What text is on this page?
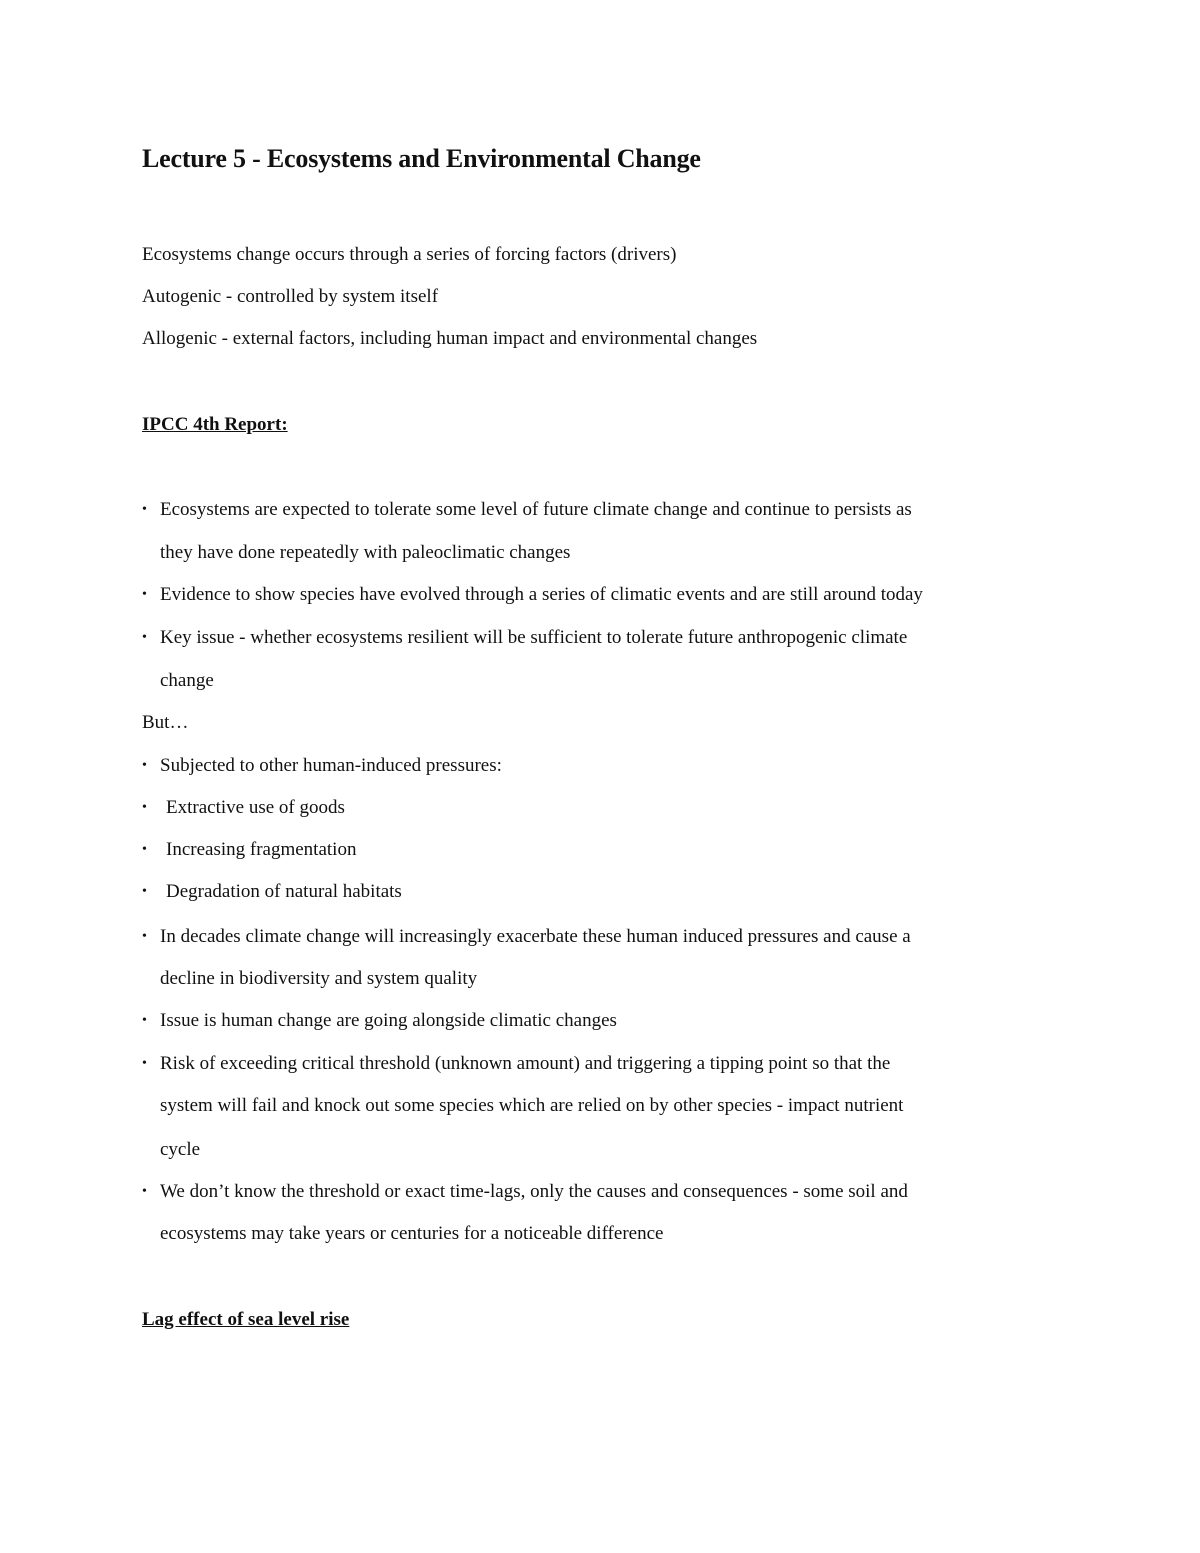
Lecture 5 - Ecosystems and Environmental Change
Ecosystems change occurs through a series of forcing factors (drivers)
Autogenic - controlled by system itself
Allogenic - external factors, including human impact and environmental changes
IPCC 4th Report:
• Ecosystems are expected to tolerate some level of future climate change and continue to persists as
they have done repeatedly with paleoclimatic changes
• Evidence to show species have evolved through a series of climatic events and are still around today
• Key issue - whether ecosystems resilient will be sufficient to tolerate future anthropogenic climate
change
But…
• Subjected to other human-induced pressures:
• Extractive use of goods
• Increasing fragmentation
• Degradation of natural habitats
• In decades climate change will increasingly exacerbate these human induced pressures and cause a
decline in biodiversity and system quality
• Issue is human change are going alongside climatic changes
• Risk of exceeding critical threshold (unknown amount) and triggering a tipping point so that the
system will fail and knock out some species which are relied on by other species - impact nutrient
cycle
• We don’t know the threshold or exact time-lags, only the causes and consequences - some soil and
ecosystems may take years or centuries for a noticeable difference
Lag effect of sea level rise
